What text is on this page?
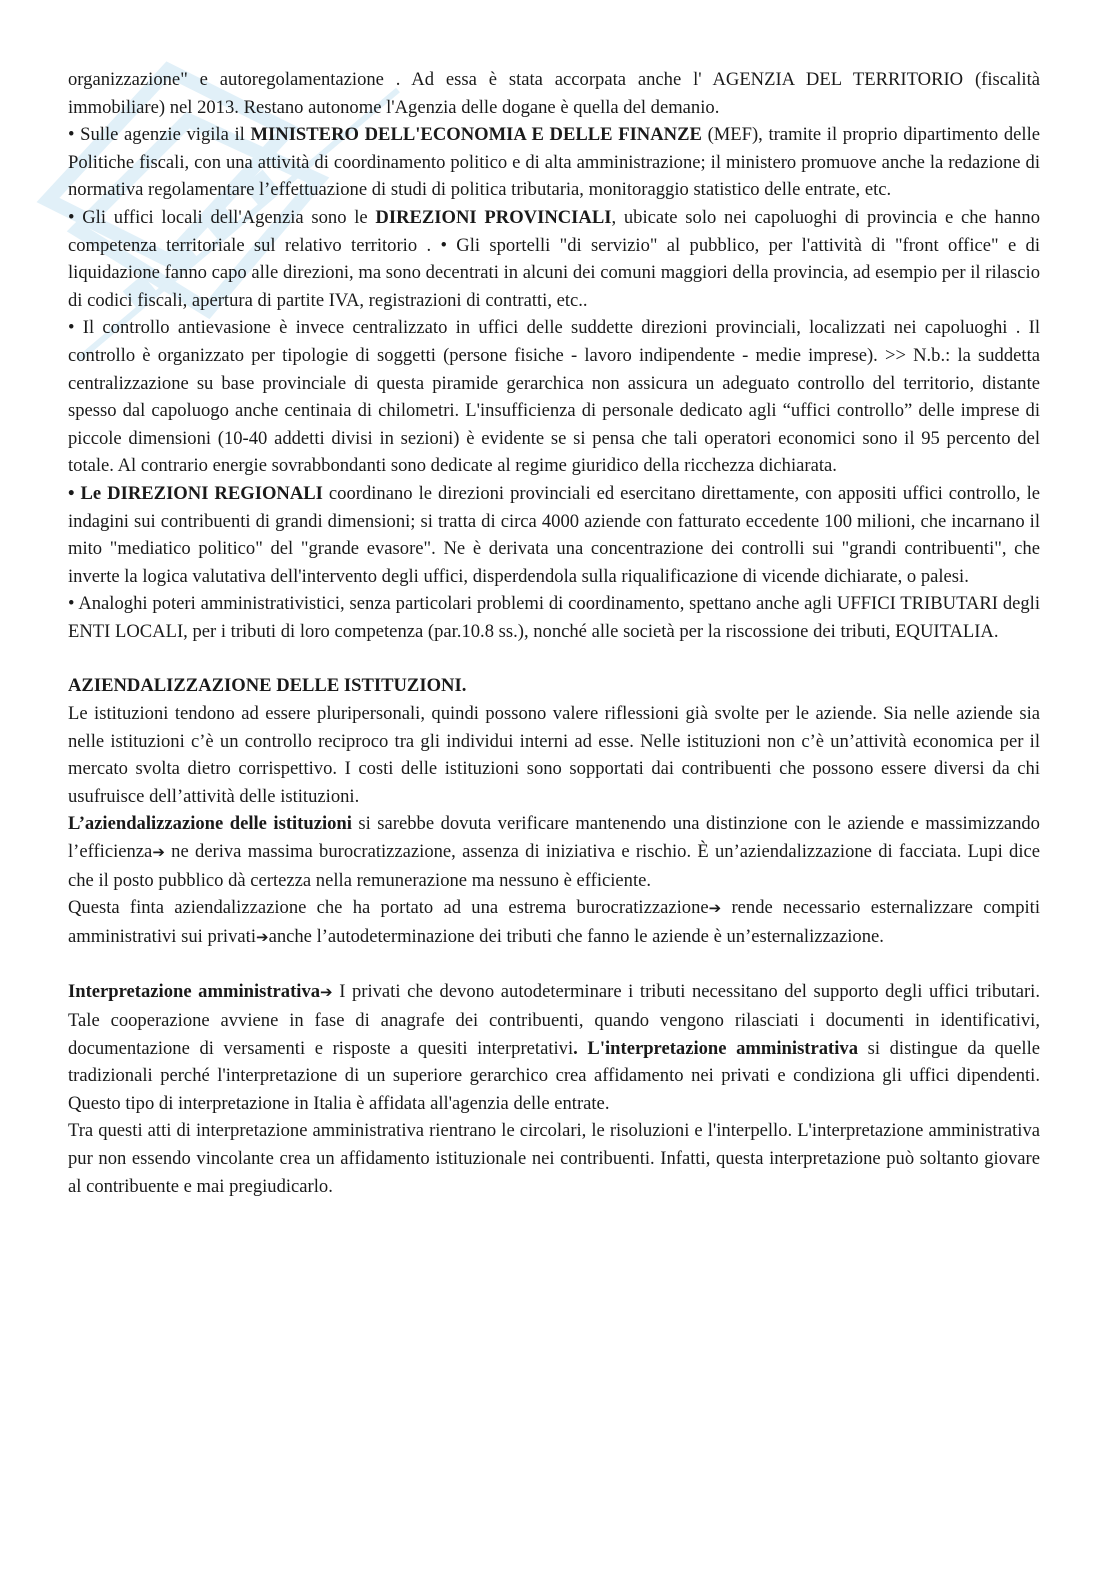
organizzazione" e autoregolamentazione . Ad essa è stata accorpata anche l' AGENZIA DEL TERRITORIO (fiscalità immobiliare) nel 2013. Restano autonome l'Agenzia delle dogane è quella del demanio.

• Sulle agenzie vigila il MINISTERO DELL'ECONOMIA E DELLE FINANZE (MEF), tramite il proprio dipartimento delle Politiche fiscali, con una attività di coordinamento politico e di alta amministrazione; il ministero promuove anche la redazione di normativa regolamentare l’effettuazione di studi di politica tributaria, monitoraggio statistico delle entrate, etc.

• Gli uffici locali dell'Agenzia sono le DIREZIONI PROVINCIALI, ubicate solo nei capoluoghi di provincia e che hanno competenza territoriale sul relativo territorio . • Gli sportelli "di servizio" al pubblico, per l'attività di "front office" e di liquidazione fanno capo alle direzioni, ma sono decentrati in alcuni dei comuni maggiori della provincia, ad esempio per il rilascio di codici fiscali, apertura di partite IVA, registrazioni di contratti, etc..

• Il controllo antievasione è invece centralizzato in uffici delle suddette direzioni provinciali, localizzati nei capoluoghi . Il controllo è organizzato per tipologie di soggetti (persone fisiche - lavoro indipendente - medie imprese). >> N.b.: la suddetta centralizzazione su base provinciale di questa piramide gerarchica non assicura un adeguato controllo del territorio, distante spesso dal capoluogo anche centinaia di chilometri. L'insufficienza di personale dedicato agli “uffici controllo” delle imprese di piccole dimensioni (10-40 addetti divisi in sezioni) è evidente se si pensa che tali operatori economici sono il 95 percento del totale. Al contrario energie sovrabbondanti sono dedicate al regime giuridico della ricchezza dichiarata.

• Le DIREZIONI REGIONALI coordinano le direzioni provinciali ed esercitano direttamente, con appositi uffici controllo, le indagini sui contribuenti di grandi dimensioni; si tratta di circa 4000 aziende con fatturato eccedente 100 milioni, che incarnano il mito "mediatico politico" del "grande evasore". Ne è derivata una concentrazione dei controlli sui "grandi contribuenti", che inverte la logica valutativa dell'intervento degli uffici, disperdendola sulla riqualificazione di vicende dichiarate, o palesi.

• Analoghi poteri amministrativistici, senza particolari problemi di coordinamento, spettano anche agli UFFICI TRIBUTARI degli ENTI LOCALI, per i tributi di loro competenza (par.10.8 ss.), nonché alle società per la riscossione dei tributi, EQUITALIA.

AZIENDALIZZAZIONE DELLE ISTITUZIONI.

Le istituzioni tendono ad essere pluripersonali, quindi possono valere riflessioni già svolte per le aziende. Sia nelle aziende sia nelle istituzioni c’è un controllo reciproco tra gli individui interni ad esse. Nelle istituzioni non c’è un’attività economica per il mercato svolta dietro corrispettivo. I costi delle istituzioni sono sopportati dai contribuenti che possono essere diversi da chi usufruisce dell’attività delle istituzioni.

L’aziendalizzazione delle istituzioni si sarebbe dovuta verificare mantenendo una distinzione con le aziende e massimizzando l’efficienza➔ ne deriva massima burocratizzazione, assenza di iniziativa e rischio. È un’aziendalizzazione di facciata. Lupi dice che il posto pubblico dà certezza nella remunerazione ma nessuno è efficiente.

Questa finta aziendalizzazione che ha portato ad una estrema burocratizzazione➔ rende necessario esternalizzare compiti amministrativi sui privati➔anche l’autodeterminazione dei tributi che fanno le aziende è un’esternalizzazione.

Interpretazione amministrativa➔ I privati che devono autodeterminare i tributi necessitano del supporto degli uffici tributari. Tale cooperazione avviene in fase di anagrafe dei contribuenti, quando vengono rilasciati i documenti in identificativi, documentazione di versamenti e risposte a quesiti interpretativi. L'interpretazione amministrativa si distingue da quelle tradizionali perché l'interpretazione di un superiore gerarchico crea affidamento nei privati e condiziona gli uffici dipendenti. Questo tipo di interpretazione in Italia è affidata all'agenzia delle entrate.

Tra questi atti di interpretazione amministrativa rientrano le circolari, le risoluzioni e l'interpello. L'interpretazione amministrativa pur non essendo vincolante crea un affidamento istituzionale nei contribuenti. Infatti, questa interpretazione può soltanto giovare al contribuente e mai pregiudicarlo.
